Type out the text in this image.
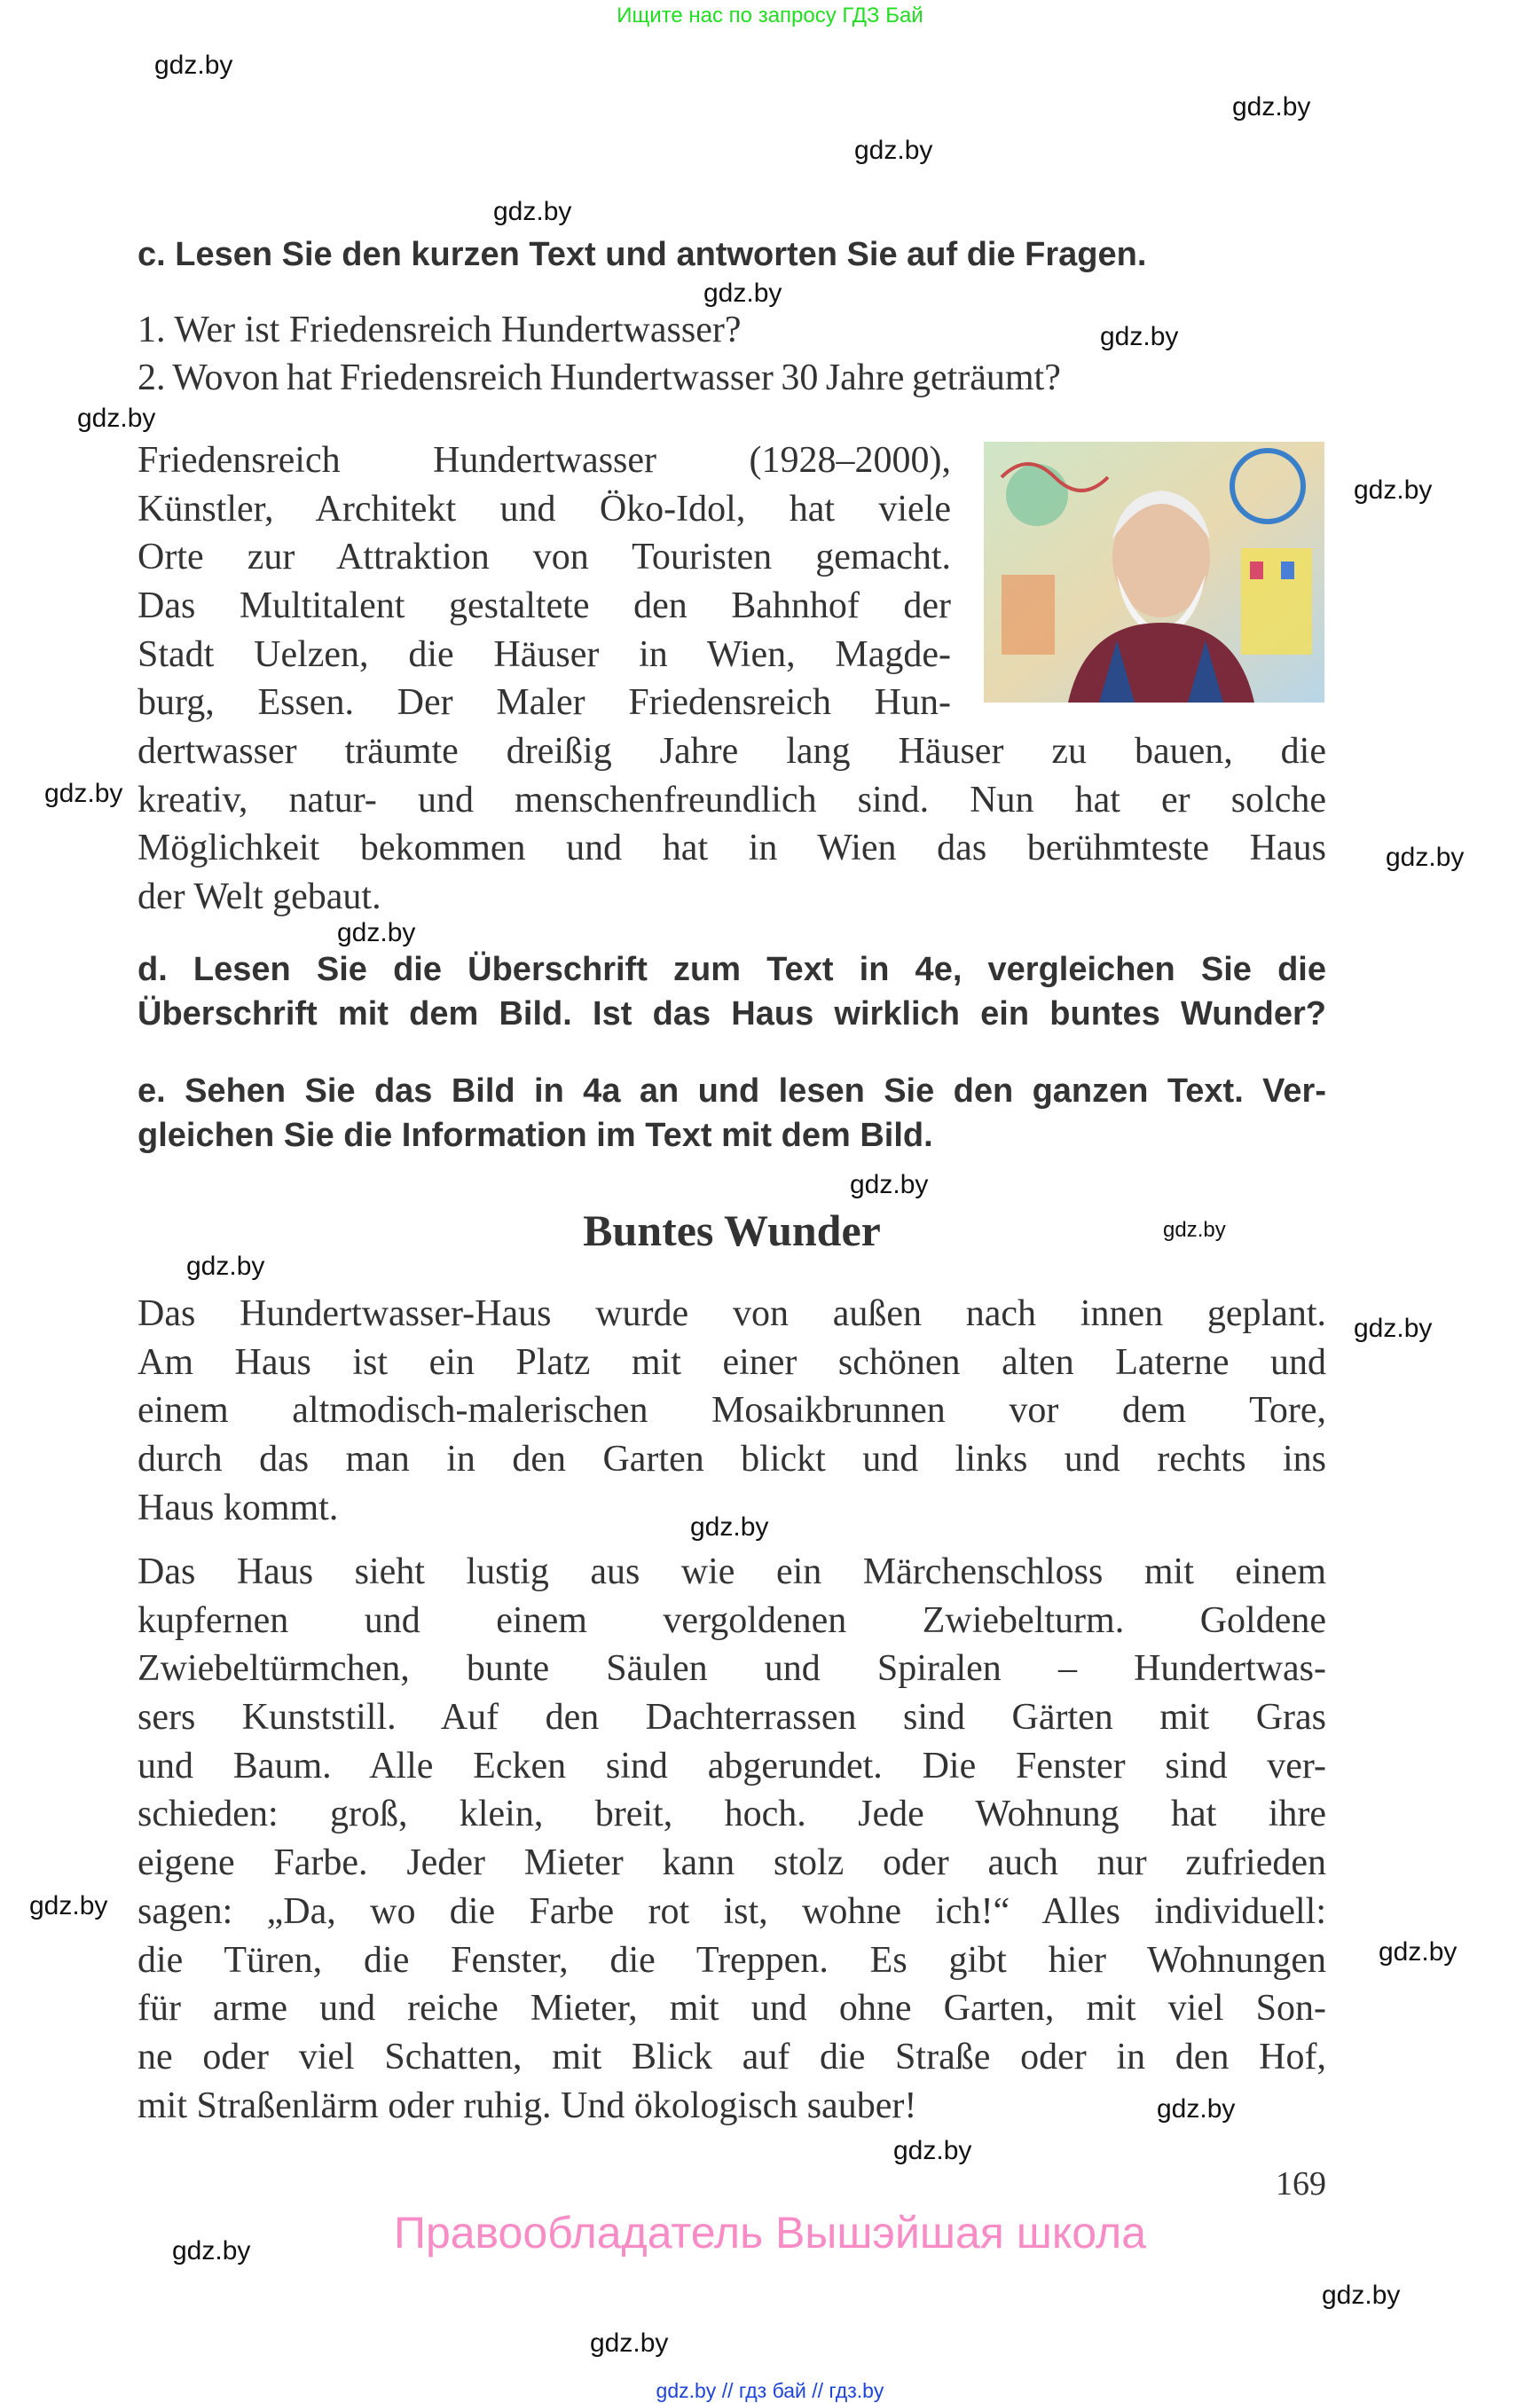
Ищите нас по запросу ГДЗ Бай
gdz.by
gdz.by
gdz.by
gdz.by
gdz.by
gdz.by
gdz.by
gdz.by
gdz.by
gdz.by
gdz.by
gdz.by
gdz.by
gdz.by
gdz.by
gdz.by
gdz.by
gdz.by
gdz.by
gdz.by
gdz.by
gdz.by
gdz.by
c. Lesen Sie den kurzen Text und antworten Sie auf die Fragen.
1. Wer ist Friedensreich Hundertwasser?
2. Wovon hat Friedensreich Hundertwasser 30 Jahre geträumt?
Friedensreich Hundertwasser (1928–2000),
Künstler, Architekt und Öko-Idol, hat viele
Orte zur Attraktion von Touristen gemacht.
Das Multitalent gestaltete den Bahnhof der
Stadt Uelzen, die Häuser in Wien, Magde-
burg, Essen. Der Maler Friedensreich Hun-
dertwasser träumte dreißig Jahre lang Häuser zu bauen, die
kreativ, natur- und menschenfreundlich sind. Nun hat er solche
Möglichkeit bekommen und hat in Wien das berühmteste Haus
der Welt gebaut.
d. Lesen Sie die Überschrift zum Text in 4e, vergleichen Sie die
Überschrift mit dem Bild. Ist das Haus wirklich ein buntes Wunder?
e. Sehen Sie das Bild in 4a an und lesen Sie den ganzen Text. Ver-
gleichen Sie die Information im Text mit dem Bild.
Buntes Wunder
Das Hundertwasser-Haus wurde von außen nach innen geplant.
Am Haus ist ein Platz mit einer schönen alten Laterne und
einem altmodisch-malerischen Mosaikbrunnen vor dem Tore,
durch das man in den Garten blickt und links und rechts ins
Haus kommt.
Das Haus sieht lustig aus wie ein Märchenschloss mit einem
kupfernen und einem vergoldenen Zwiebelturm. Goldene
Zwiebeltürmchen, bunte Säulen und Spiralen – Hundertwas-
sers Kunststill. Auf den Dachterrassen sind Gärten mit Gras
und Baum. Alle Ecken sind abgerundet. Die Fenster sind ver-
schieden: groß, klein, breit, hoch. Jede Wohnung hat ihre
eigene Farbe. Jeder Mieter kann stolz oder auch nur zufrieden
sagen: „Da, wo die Farbe rot ist, wohne ich!“ Alles individuell:
die Türen, die Fenster, die Treppen. Es gibt hier Wohnungen
für arme und reiche Mieter, mit und ohne Garten, mit viel Son-
ne oder viel Schatten, mit Blick auf die Straße oder in den Hof,
mit Straßenlärm oder ruhig. Und ökologisch sauber!
169
Правообладатель Вышэйшая школа
gdz.by // гдз бай // гдз.by
